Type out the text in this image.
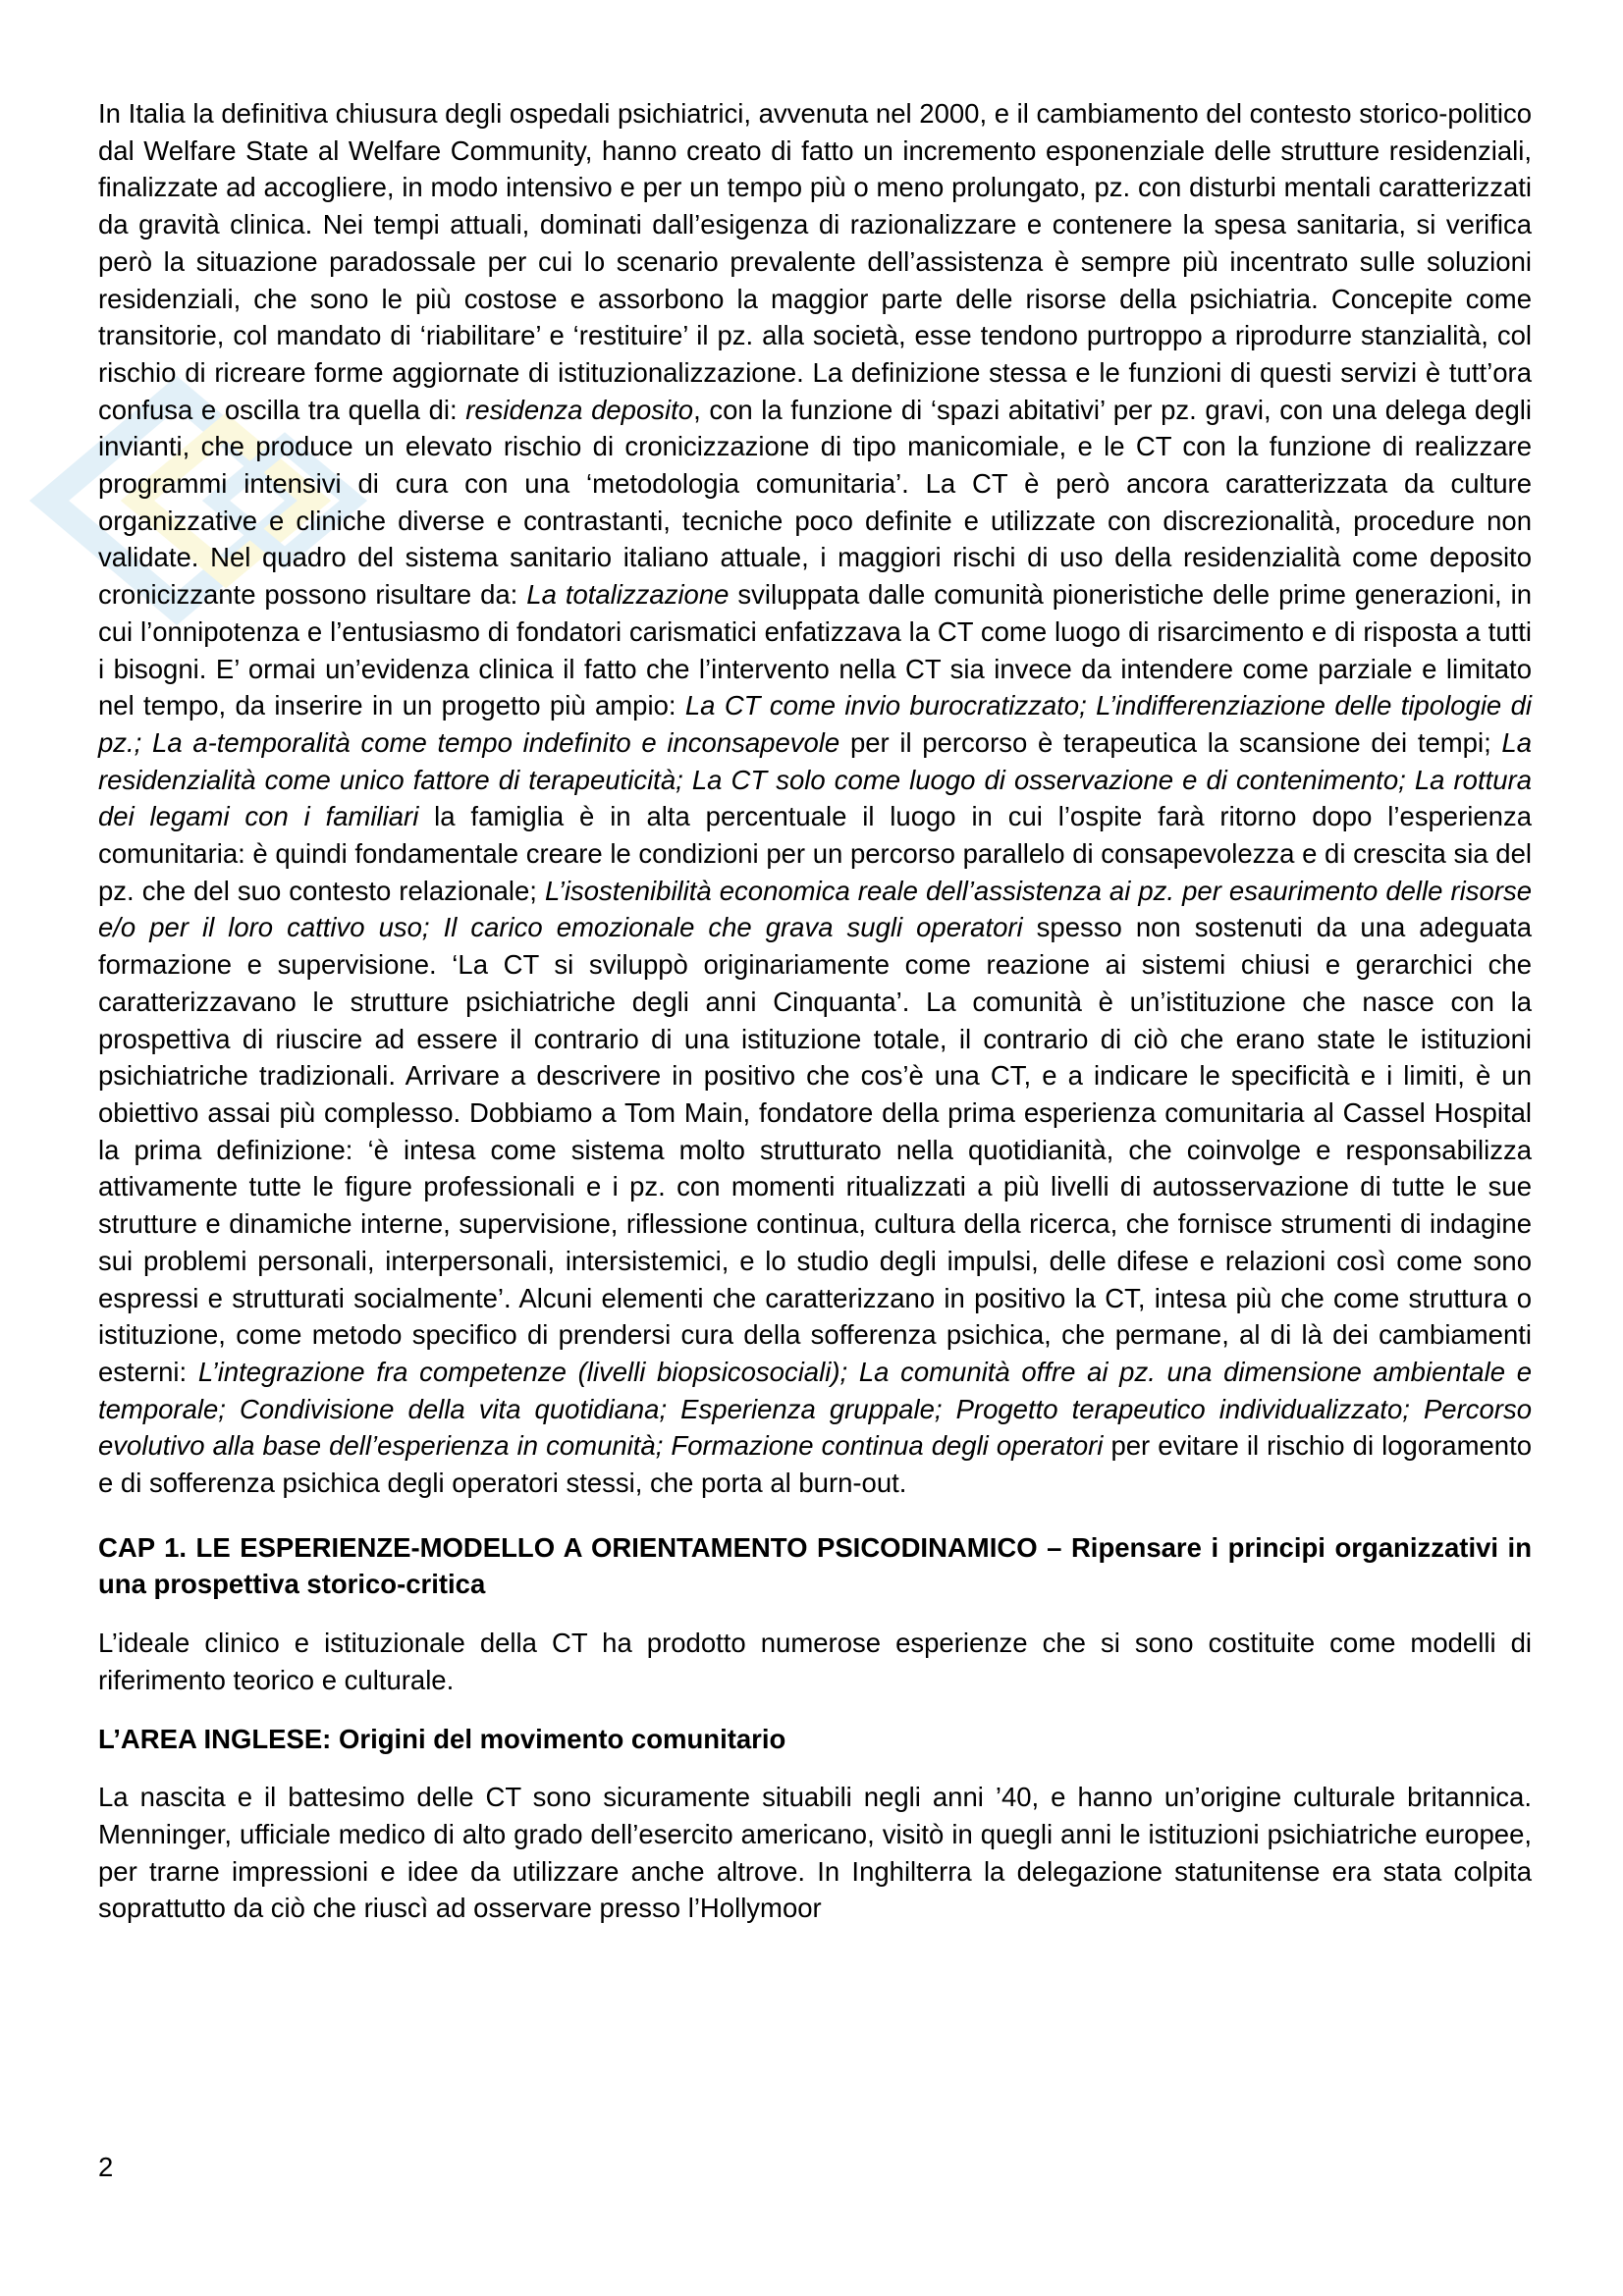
In Italia la definitiva chiusura degli ospedali psichiatrici, avvenuta nel 2000, e il cambiamento del contesto storico-politico dal Welfare State al Welfare Community, hanno creato di fatto un incremento esponenziale delle strutture residenziali, finalizzate ad accogliere, in modo intensivo e per un tempo più o meno prolungato, pz. con disturbi mentali caratterizzati da gravità clinica. Nei tempi attuali, dominati dall’esigenza di razionalizzare e contenere la spesa sanitaria, si verifica però la situazione paradossale per cui lo scenario prevalente dell’assistenza è sempre più incentrato sulle soluzioni residenziali, che sono le più costose e assorbono la maggior parte delle risorse della psichiatria. Concepite come transitorie, col mandato di ‘riabilitare’ e ‘restituire’ il pz. alla società, esse tendono purtroppo a riprodurre stanzialità, col rischio di ricreare forme aggiornate di istituzionalizzazione. La definizione stessa e le funzioni di questi servizi è tutt’ora confusa e oscilla tra quella di: residenza deposito, con la funzione di ‘spazi abitativi’ per pz. gravi, con una delega degli invianti, che produce un elevato rischio di cronicizzazione di tipo manicomiale, e le CT con la funzione di realizzare programmi intensivi di cura con una ‘metodologia comunitaria’. La CT è però ancora caratterizzata da culture organizzative e cliniche diverse e contrastanti, tecniche poco definite e utilizzate con discrezionalità, procedure non validate. Nel quadro del sistema sanitario italiano attuale, i maggiori rischi di uso della residenzialità come deposito cronicizzante possono risultare da: La totalizzazione sviluppata dalle comunità pioneristiche delle prime generazioni, in cui l’onnipotenza e l’entusiasmo di fondatori carismatici enfatizzava la CT come luogo di risarcimento e di risposta a tutti i bisogni. E’ ormai un’evidenza clinica il fatto che l’intervento nella CT sia invece da intendere come parziale e limitato nel tempo, da inserire in un progetto più ampio: La CT come invio burocratizzato; L’indifferenziazione delle tipologie di pz.; La a-temporalità come tempo indefinito e inconsapevole per il percorso è terapeutica la scansione dei tempi; La residenzialità come unico fattore di terapeuticità; La CT solo come luogo di osservazione e di contenimento; La rottura dei legami con i familiari la famiglia è in alta percentuale il luogo in cui l’ospite farà ritorno dopo l’esperienza comunitaria: è quindi fondamentale creare le condizioni per un percorso parallelo di consapevolezza e di crescita sia del pz. che del suo contesto relazionale; L’isostenibilità economica reale dell’assistenza ai pz. per esaurimento delle risorse e/o per il loro cattivo uso; Il carico emozionale che grava sugli operatori spesso non sostenuti da una adeguata formazione e supervisione. ‘La CT si sviluppò originariamente come reazione ai sistemi chiusi e gerarchici che caratterizzavano le strutture psichiatriche degli anni Cinquanta’. La comunità è un’istituzione che nasce con la prospettiva di riuscire ad essere il contrario di una istituzione totale, il contrario di ciò che erano state le istituzioni psichiatriche tradizionali. Arrivare a descrivere in positivo che cos’è una CT, e a indicare le specificità e i limiti, è un obiettivo assai più complesso. Dobbiamo a Tom Main, fondatore della prima esperienza comunitaria al Cassel Hospital la prima definizione: ‘è intesa come sistema molto strutturato nella quotidianità, che coinvolge e responsabilizza attivamente tutte le figure professionali e i pz. con momenti ritualizzati a più livelli di autosservazione di tutte le sue strutture e dinamiche interne, supervisione, riflessione continua, cultura della ricerca, che fornisce strumenti di indagine sui problemi personali, interpersonali, intersistemici, e lo studio degli impulsi, delle difese e relazioni così come sono espressi e strutturati socialmente’. Alcuni elementi che caratterizzano in positivo la CT, intesa più che come struttura o istituzione, come metodo specifico di prendersi cura della sofferenza psichica, che permane, al di là dei cambiamenti esterni: L’integrazione fra competenze (livelli biopsicosociali); La comunità offre ai pz. una dimensione ambientale e temporale; Condivisione della vita quotidiana; Esperienza gruppale; Progetto terapeutico individualizzato; Percorso evolutivo alla base dell’esperienza in comunità; Formazione continua degli operatori per evitare il rischio di logoramento e di sofferenza psichica degli operatori stessi, che porta al burn-out.

CAP 1. LE ESPERIENZE-MODELLO A ORIENTAMENTO PSICODINAMICO – Ripensare i principi organizzativi in una prospettiva storico-critica

L’ideale clinico e istituzionale della CT ha prodotto numerose esperienze che si sono costituite come modelli di riferimento teorico e culturale.

L’AREA INGLESE: Origini del movimento comunitario

La nascita e il battesimo delle CT sono sicuramente situabili negli anni ’40, e hanno un’origine culturale britannica. Menninger, ufficiale medico di alto grado dell’esercito americano, visitò in quegli anni le istituzioni psichiatriche europee, per trarne impressioni e idee da utilizzare anche altrove. In Inghilterra la delegazione statunitense era stata colpita soprattutto da ciò che riuscì ad osservare presso l’Hollymoor

2
